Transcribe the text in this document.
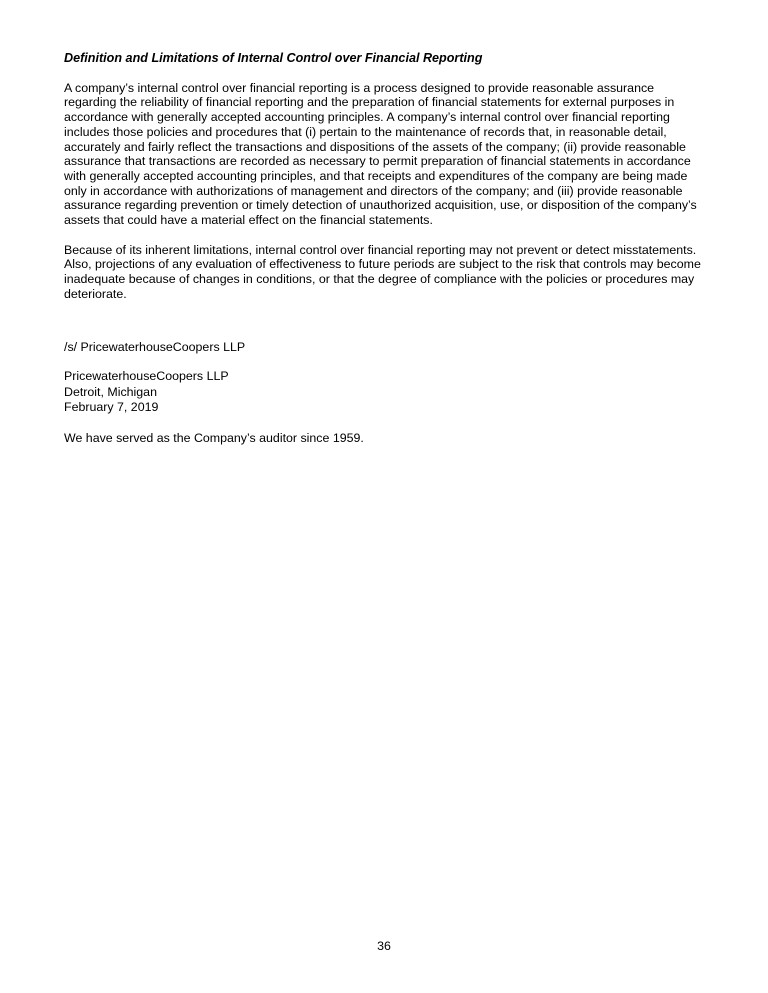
Definition and Limitations of Internal Control over Financial Reporting

A company’s internal control over financial reporting is a process designed to provide reasonable assurance regarding the reliability of financial reporting and the preparation of financial statements for external purposes in accordance with generally accepted accounting principles. A company’s internal control over financial reporting includes those policies and procedures that (i) pertain to the maintenance of records that, in reasonable detail, accurately and fairly reflect the transactions and dispositions of the assets of the company; (ii) provide reasonable assurance that transactions are recorded as necessary to permit preparation of financial statements in accordance with generally accepted accounting principles, and that receipts and expenditures of the company are being made only in accordance with authorizations of management and directors of the company; and (iii) provide reasonable assurance regarding prevention or timely detection of unauthorized acquisition, use, or disposition of the company’s assets that could have a material effect on the financial statements.

Because of its inherent limitations, internal control over financial reporting may not prevent or detect misstatements. Also, projections of any evaluation of effectiveness to future periods are subject to the risk that controls may become inadequate because of changes in conditions, or that the degree of compliance with the policies or procedures may deteriorate.

/s/ PricewaterhouseCoopers LLP

PricewaterhouseCoopers LLP
Detroit, Michigan
February 7, 2019

We have served as the Company’s auditor since 1959.

36
